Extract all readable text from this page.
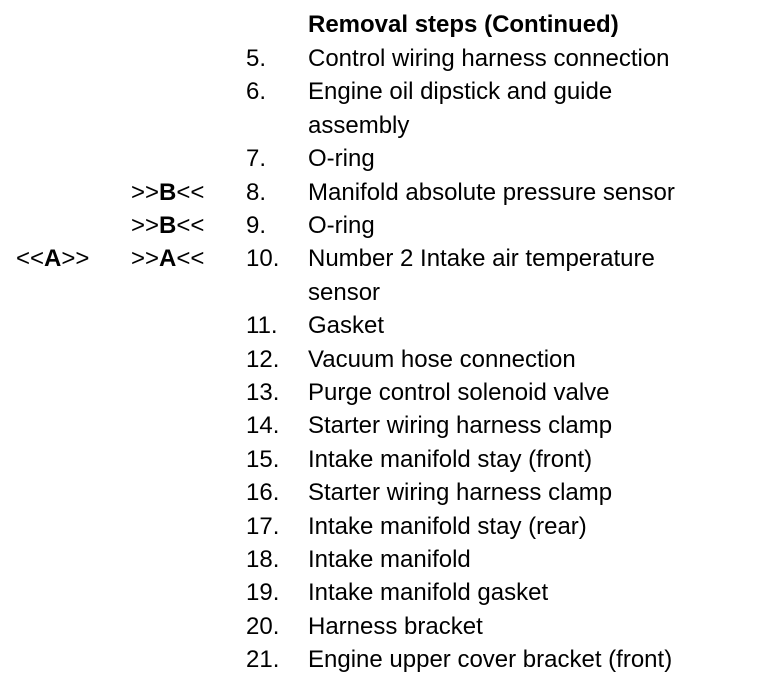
Removal steps (Continued)
5. Control wiring harness connection
6. Engine oil dipstick and guide
assembly
7. O-ring
>>B<< 8. Manifold absolute pressure sensor
>>B<< 9. O-ring
<<A>> >>A<< 10. Number 2 Intake air temperature
sensor
11. Gasket
12. Vacuum hose connection
13. Purge control solenoid valve
14. Starter wiring harness clamp
15. Intake manifold stay (front)
16. Starter wiring harness clamp
17. Intake manifold stay (rear)
18. Intake manifold
19. Intake manifold gasket
20. Harness bracket
21. Engine upper cover bracket (front)
